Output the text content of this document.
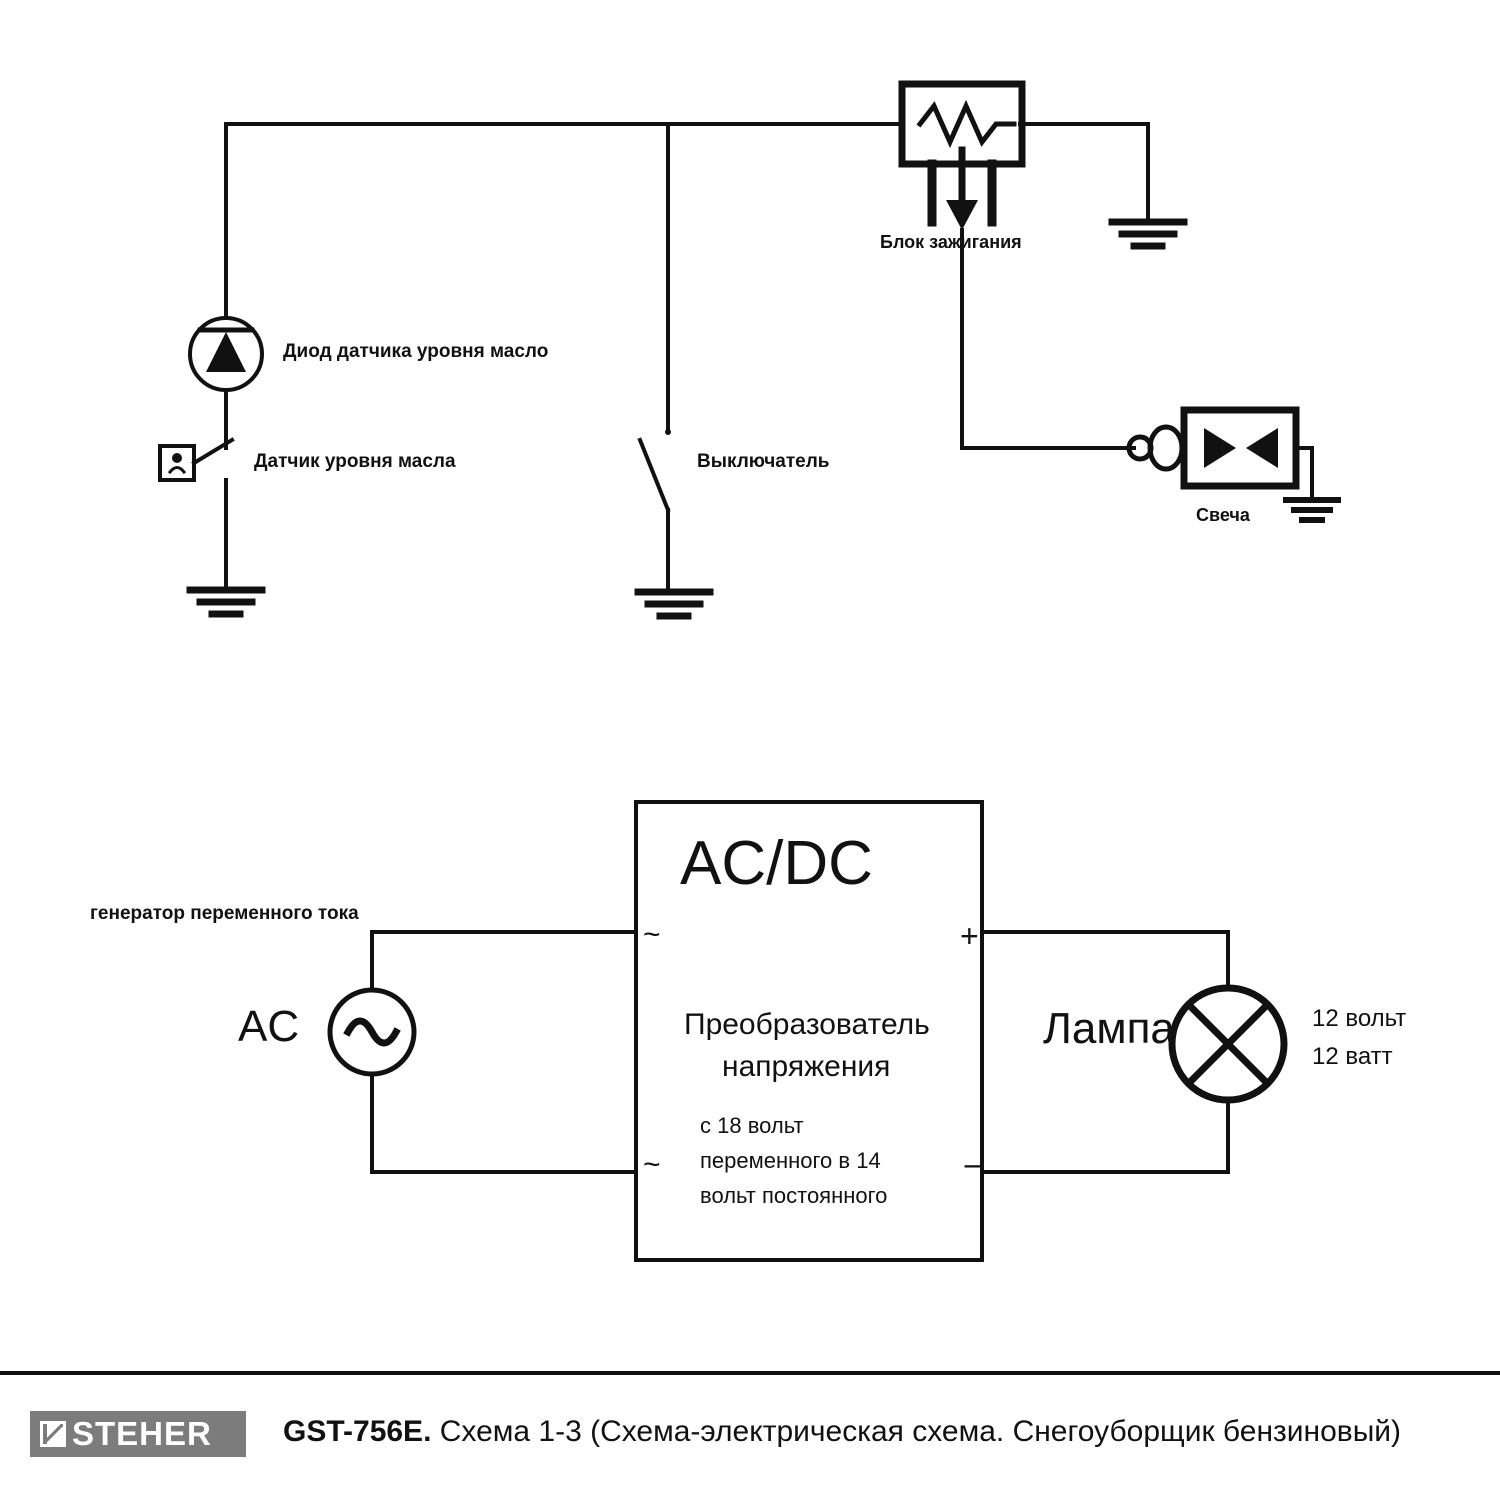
Блок зажигания
Диод датчика уровня масло
Датчик уровня масла	Выключатель
Свеча
генератор переменного тока
AC
AC/DC
Преобразователь
напряжения
с 18 вольт
переменного в 14
вольт постоянного
~
~
+
−
Лампа	12 вольт
12 ватт
STEHER GST-756E. Схема 1-3 (Схема-электрическая схема. Снегоуборщик бензиновый)
